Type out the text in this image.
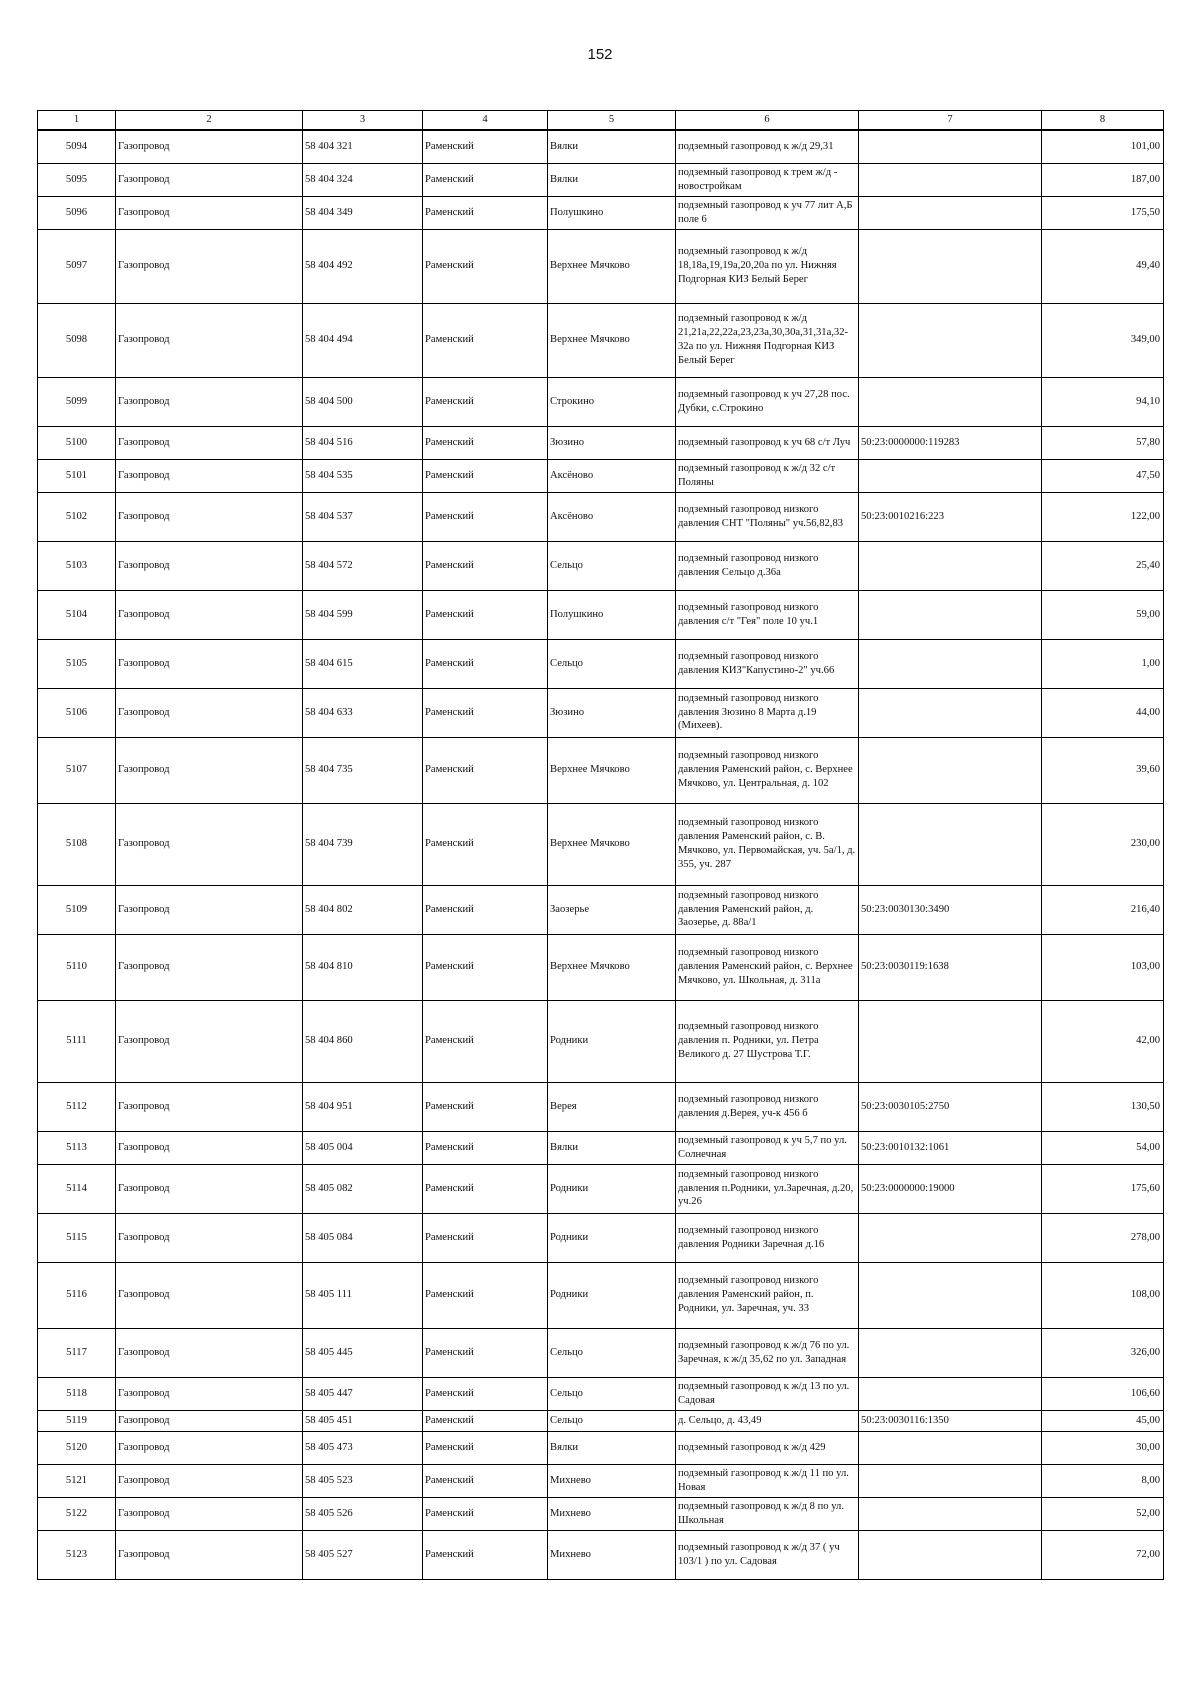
152
1	2	3	4	5	6	7	8
5094	Газопровод	58 404 321	Раменский	Вялки	подземный газопровод к ж/д 29,31		101,00
5095	Газопровод	58 404 324	Раменский	Вялки	подземный газопровод к трем ж/д - новостройкам		187,00
5096	Газопровод	58 404 349	Раменский	Полушкино	подземный газопровод к уч 77 лит А,Б поле 6		175,50
5097	Газопровод	58 404 492	Раменский	Верхнее Мячково	подземный газопровод к ж/д 18,18а,19,19а,20,20а по ул. Нижняя Подгорная КИЗ Белый Берег		49,40
5098	Газопровод	58 404 494	Раменский	Верхнее Мячково	подземный газопровод к ж/д 21,21а,22,22а,23,23а,30,30а,31,31а,32-32а по ул. Нижняя Подгорная КИЗ Белый Берег		349,00
5099	Газопровод	58 404 500	Раменский	Строкино	подземный газопровод к уч 27,28 пос. Дубки, с.Строкино		94,10
5100	Газопровод	58 404 516	Раменский	Зюзино	подземный газопровод к уч 68 с/т Луч	50:23:0000000:119283	57,80
5101	Газопровод	58 404 535	Раменский	Аксёново	подземный газопровод к ж/д 32 с/т Поляны		47,50
5102	Газопровод	58 404 537	Раменский	Аксёново	подземный газопровод низкого давления СНТ "Поляны" уч.56,82,83	50:23:0010216:223	122,00
5103	Газопровод	58 404 572	Раменский	Сельцо	подземный газопровод низкого давления Сельцо д.36а		25,40
5104	Газопровод	58 404 599	Раменский	Полушкино	подземный газопровод низкого давления с/т "Гея" поле 10 уч.1		59,00
5105	Газопровод	58 404 615	Раменский	Сельцо	подземный газопровод низкого давления КИЗ"Капустино-2" уч.66		1,00
5106	Газопровод	58 404 633	Раменский	Зюзино	подземный газопровод низкого давления Зюзино 8 Марта д.19 (Михеев).		44,00
5107	Газопровод	58 404 735	Раменский	Верхнее Мячково	подземный газопровод низкого давления Раменский район, с. Верхнее Мячково, ул. Центральная, д. 102		39,60
5108	Газопровод	58 404 739	Раменский	Верхнее Мячково	подземный газопровод низкого давления Раменский район, с. В. Мячково, ул. Первомайская, уч. 5а/1, д. 355, уч. 287		230,00
5109	Газопровод	58 404 802	Раменский	Заозерье	подземный газопровод низкого давления Раменский район, д. Заозерье, д. 88а/1	50:23:0030130:3490	216,40
5110	Газопровод	58 404 810	Раменский	Верхнее Мячково	подземный газопровод низкого давления Раменский район, с. Верхнее Мячково, ул. Школьная, д. 311а	50:23:0030119:1638	103,00
5111	Газопровод	58 404 860	Раменский	Родники	подземный газопровод низкого давления п. Родники, ул. Петра Великого д. 27 Шустрова Т.Г.		42,00
5112	Газопровод	58 404 951	Раменский	Верея	подземный газопровод низкого давления д.Верея, уч-к 456 б	50:23:0030105:2750	130,50
5113	Газопровод	58 405 004	Раменский	Вялки	подземный газопровод к уч 5,7 по ул. Солнечная	50:23:0010132:1061	54,00
5114	Газопровод	58 405 082	Раменский	Родники	подземный газопровод низкого давления п.Родники, ул.Заречная, д.20, уч.26	50:23:0000000:19000	175,60
5115	Газопровод	58 405 084	Раменский	Родники	подземный газопровод низкого давления Родники Заречная д.16		278,00
5116	Газопровод	58 405 111	Раменский	Родники	подземный газопровод низкого давления Раменский район, п. Родники, ул. Заречная, уч. 33		108,00
5117	Газопровод	58 405 445	Раменский	Сельцо	подземный газопровод к ж/д 76 по ул. Заречная, к ж/д 35,62 по ул. Западная		326,00
5118	Газопровод	58 405 447	Раменский	Сельцо	подземный газопровод к ж/д 13 по ул. Садовая		106,60
5119	Газопровод	58 405 451	Раменский	Сельцо	д. Сельцо, д. 43,49	50:23:0030116:1350	45,00
5120	Газопровод	58 405 473	Раменский	Вялки	подземный газопровод к ж/д 429		30,00
5121	Газопровод	58 405 523	Раменский	Михнево	подземный газопровод к ж/д 11 по ул. Новая		8,00
5122	Газопровод	58 405 526	Раменский	Михнево	подземный газопровод к ж/д 8 по ул. Школьная		52,00
5123	Газопровод	58 405 527	Раменский	Михнево	подземный газопровод к ж/д 37 ( уч 103/1 ) по ул. Садовая		72,00
